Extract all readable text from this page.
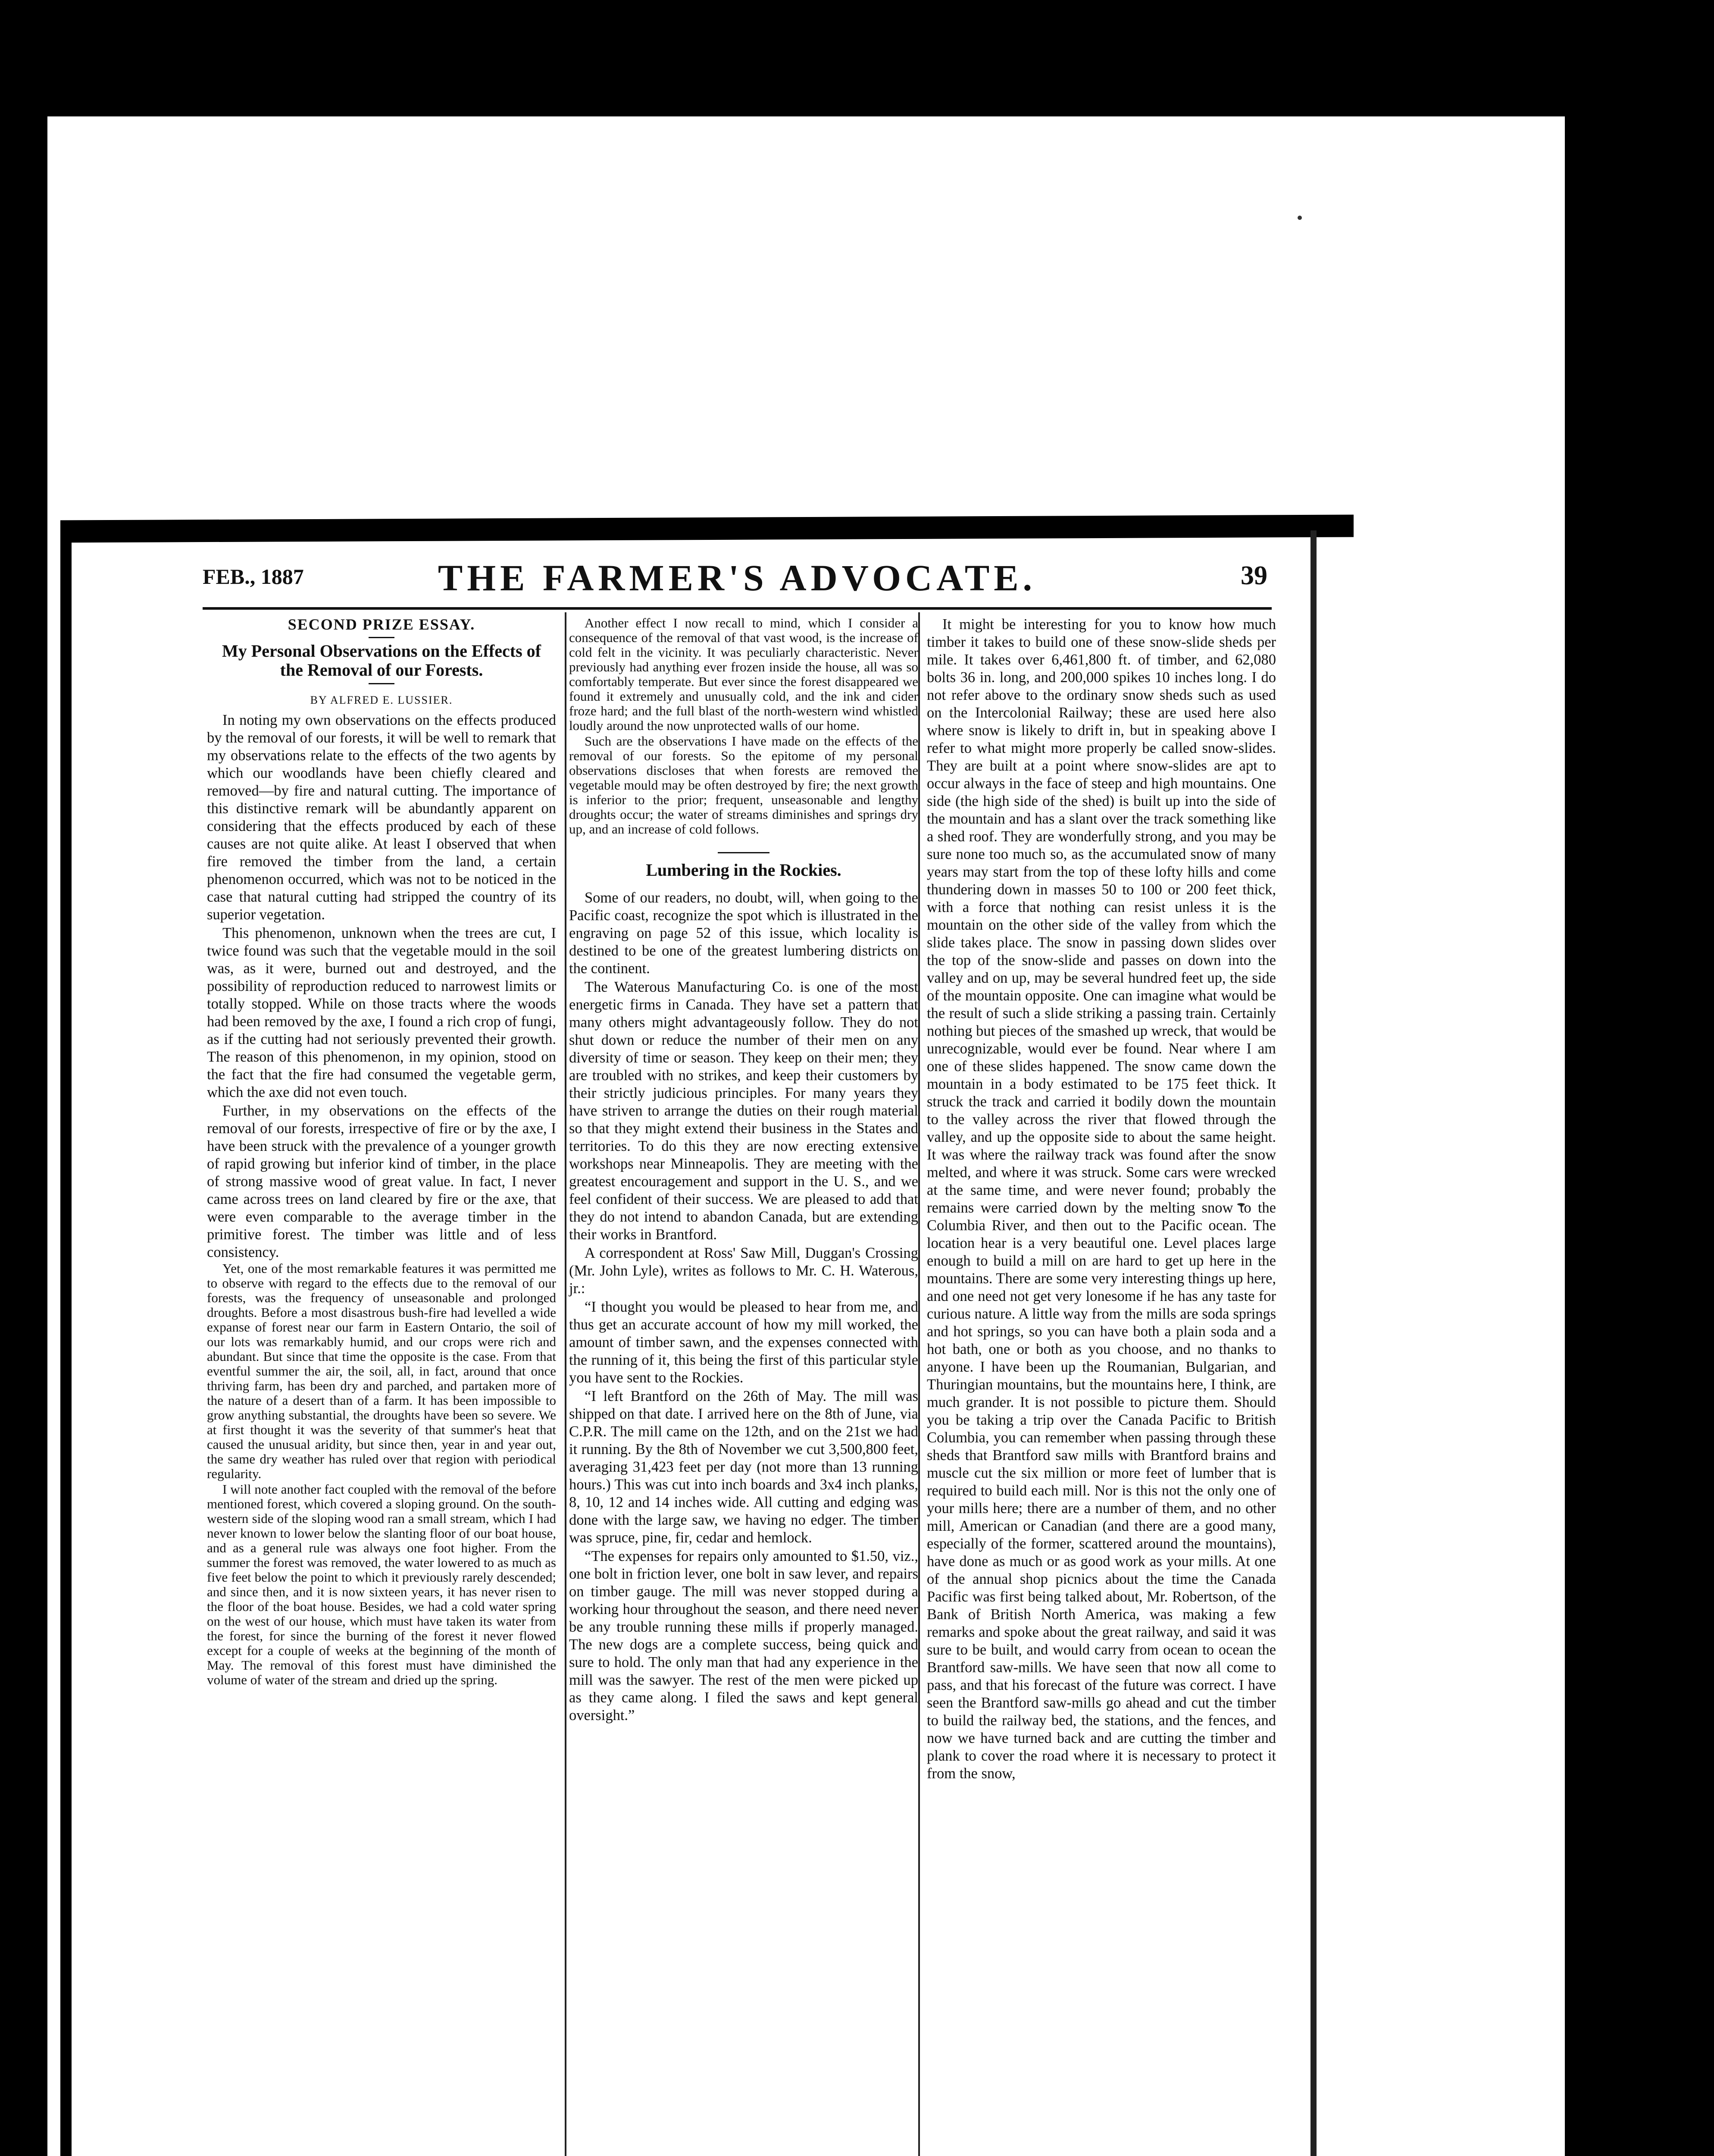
FEB., 1887	THE FARMER'S ADVOCATE.	39
SECOND PRIZE ESSAY.
My Personal Observations on the Effects of the Removal of our Forests.
BY ALFRED E. LUSSIER.

In noting my own observations on the effects produced by the removal of our forests, it will be well to remark that my observations relate to the effects of the two agents by which our woodlands have been chiefly cleared and removed—by fire and natural cutting. The importance of this distinctive remark will be abundantly apparent on considering that the effects produced by each of these causes are not quite alike. At least I observed that when fire removed the timber from the land, a certain phenomenon occurred, which was not to be noticed in the case that natural cutting had stripped the country of its superior vegetation.

This phenomenon, unknown when the trees are cut, I twice found was such that the vegetable mould in the soil was, as it were, burned out and destroyed, and the possibility of reproduction reduced to narrowest limits or totally stopped. While on those tracts where the woods had been removed by the axe, I found a rich crop of fungi, as if the cutting had not seriously prevented their growth. The reason of this phenomenon, in my opinion, stood on the fact that the fire had consumed the vegetable germ, which the axe did not even touch.

Further, in my observations on the effects of the removal of our forests, irrespective of fire or by the axe, I have been struck with the prevalence of a younger growth of rapid growing but inferior kind of timber, in the place of strong massive wood of great value. In fact, I never came across trees on land cleared by fire or the axe, that were even comparable to the average timber in the primitive forest. The timber was little and of less consistency.

Yet, one of the most remarkable features it was permitted me to observe with regard to the effects due to the removal of our forests, was the frequency of unseasonable and prolonged droughts. Before a most disastrous bush-fire had levelled a wide expanse of forest near our farm in Eastern Ontario, the soil of our lots was remarkably humid, and our crops were rich and abundant. But since that time the opposite is the case. From that eventful summer the air, the soil, all, in fact, around that once thriving farm, has been dry and parched, and partaken more of the nature of a desert than of a farm. It has been impossible to grow anything substantial, the droughts have been so severe. We at first thought it was the severity of that summer's heat that caused the unusual aridity, but since then, year in and year out, the same dry weather has ruled over that region with periodical regularity.

I will note another fact coupled with the removal of the before mentioned forest, which covered a sloping ground. On the south-western side of the sloping wood ran a small stream, which I had never known to lower below the slanting floor of our boat house, and as a general rule was always one foot higher. From the summer the forest was removed, the water lowered to as much as five feet below the point to which it previously rarely descended; and since then, and it is now sixteen years, it has never risen to the floor of the boat house. Besides, we had a cold water spring on the west of our house, which must have taken its water from the forest, for since the burning of the forest it never flowed except for a couple of weeks at the beginning of the month of May. The removal of this forest must have diminished the volume of water of the stream and dried up the spring.

Another effect I now recall to mind, which I consider a consequence of the removal of that vast wood, is the increase of cold felt in the vicinity. It was peculiarly characteristic. Never previously had anything ever frozen inside the house, all was so comfortably temperate. But ever since the forest disappeared we found it extremely and unusually cold, and the ink and cider froze hard; and the full blast of the north-western wind whistled loudly around the now unprotected walls of our home.

Such are the observations I have made on the effects of the removal of our forests. So the epitome of my personal observations discloses that when forests are removed the vegetable mould may be often destroyed by fire; the next growth is inferior to the prior; frequent, unseasonable and lengthy droughts occur; the water of streams diminishes and springs dry up, and an increase of cold follows.

Lumbering in the Rockies.

Some of our readers, no doubt, will, when going to the Pacific coast, recognize the spot which is illustrated in the engraving on page 52 of this issue, which locality is destined to be one of the greatest lumbering districts on the continent.

The Waterous Manufacturing Co. is one of the most energetic firms in Canada. They have set a pattern that many others might advantageously follow. They do not shut down or reduce the number of their men on any diversity of time or season. They keep on their men; they are troubled with no strikes, and keep their customers by their strictly judicious principles. For many years they have striven to arrange the duties on their rough material so that they might extend their business in the States and territories. To do this they are now erecting extensive workshops near Minneapolis. They are meeting with the greatest encouragement and support in the U. S., and we feel confident of their success. We are pleased to add that they do not intend to abandon Canada, but are extending their works in Brantford.

A correspondent at Ross' Saw Mill, Duggan's Crossing (Mr. John Lyle), writes as follows to Mr. C. H. Waterous, jr.:

“I thought you would be pleased to hear from me, and thus get an accurate account of how my mill worked, the amount of timber sawn, and the expenses connected with the running of it, this being the first of this particular style you have sent to the Rockies.

“I left Brantford on the 26th of May. The mill was shipped on that date. I arrived here on the 8th of June, via C.P.R. The mill came on the 12th, and on the 21st we had it running. By the 8th of November we cut 3,500,800 feet, averaging 31,423 feet per day (not more than 13 running hours.) This was cut into inch boards and 3x4 inch planks, 8, 10, 12 and 14 inches wide. All cutting and edging was done with the large saw, we having no edger. The timber was spruce, pine, fir, cedar and hemlock.

“The expenses for repairs only amounted to $1.50, viz., one bolt in friction lever, one bolt in saw lever, and repairs on timber gauge. The mill was never stopped during a working hour throughout the season, and there need never be any trouble running these mills if properly managed. The new dogs are a complete success, being quick and sure to hold. The only man that had any experience in the mill was the sawyer. The rest of the men were picked up as they came along. I filed the saws and kept general oversight.”

It might be interesting for you to know how much timber it takes to build one of these snow-slide sheds per mile. It takes over 6,461,800 ft. of timber, and 62,080 bolts 36 in. long, and 200,000 spikes 10 inches long. I do not refer above to the ordinary snow sheds such as used on the Intercolonial Railway; these are used here also where snow is likely to drift in, but in speaking above I refer to what might more properly be called snow-slides. They are built at a point where snow-slides are apt to occur always in the face of steep and high mountains. One side (the high side of the shed) is built up into the side of the mountain and has a slant over the track something like a shed roof. They are wonderfully strong, and you may be sure none too much so, as the accumulated snow of many years may start from the top of these lofty hills and come thundering down in masses 50 to 100 or 200 feet thick, with a force that nothing can resist unless it is the mountain on the other side of the valley from which the slide takes place. The snow in passing down slides over the top of the snow-slide and passes on down into the valley and on up, may be several hundred feet up, the side of the mountain opposite. One can imagine what would be the result of such a slide striking a passing train. Certainly nothing but pieces of the smashed up wreck, that would be unrecognizable, would ever be found. Near where I am one of these slides happened. The snow came down the mountain in a body estimated to be 175 feet thick. It struck the track and carried it bodily down the mountain to the valley across the river that flowed through the valley, and up the opposite side to about the same height. It was where the railway track was found after the snow melted, and where it was struck. Some cars were wrecked at the same time, and were never found; probably the remains were carried down by the melting snow to the Columbia River, and then out to the Pacific ocean. The location hear is a very beautiful one. Level places large enough to build a mill on are hard to get up here in the mountains. There are some very interesting things up here, and one need not get very lonesome if he has any taste for curious nature. A little way from the mills are soda springs and hot springs, so you can have both a plain soda and a hot bath, one or both as you choose, and no thanks to anyone. I have been up the Roumanian, Bulgarian, and Thuringian mountains, but the mountains here, I think, are much grander. It is not possible to picture them. Should you be taking a trip over the Canada Pacific to British Columbia, you can remember when passing through these sheds that Brantford saw mills with Brantford brains and muscle cut the six million or more feet of lumber that is required to build each mill. Nor is this not the only one of your mills here; there are a number of them, and no other mill, American or Canadian (and there are a good many, especially of the former, scattered around the mountains), have done as much or as good work as your mills. At one of the annual shop picnics about the time the Canada Pacific was first being talked about, Mr. Robertson, of the Bank of British North America, was making a few remarks and spoke about the great railway, and said it was sure to be built, and would carry from ocean to ocean the Brantford saw-mills. We have seen that now all come to pass, and that his forecast of the future was correct. I have seen the Brantford saw-mills go ahead and cut the timber to build the railway bed, the stations, and the fences, and now we have turned back and are cutting the timber and plank to cover the road where it is necessary to protect it from the snow,
